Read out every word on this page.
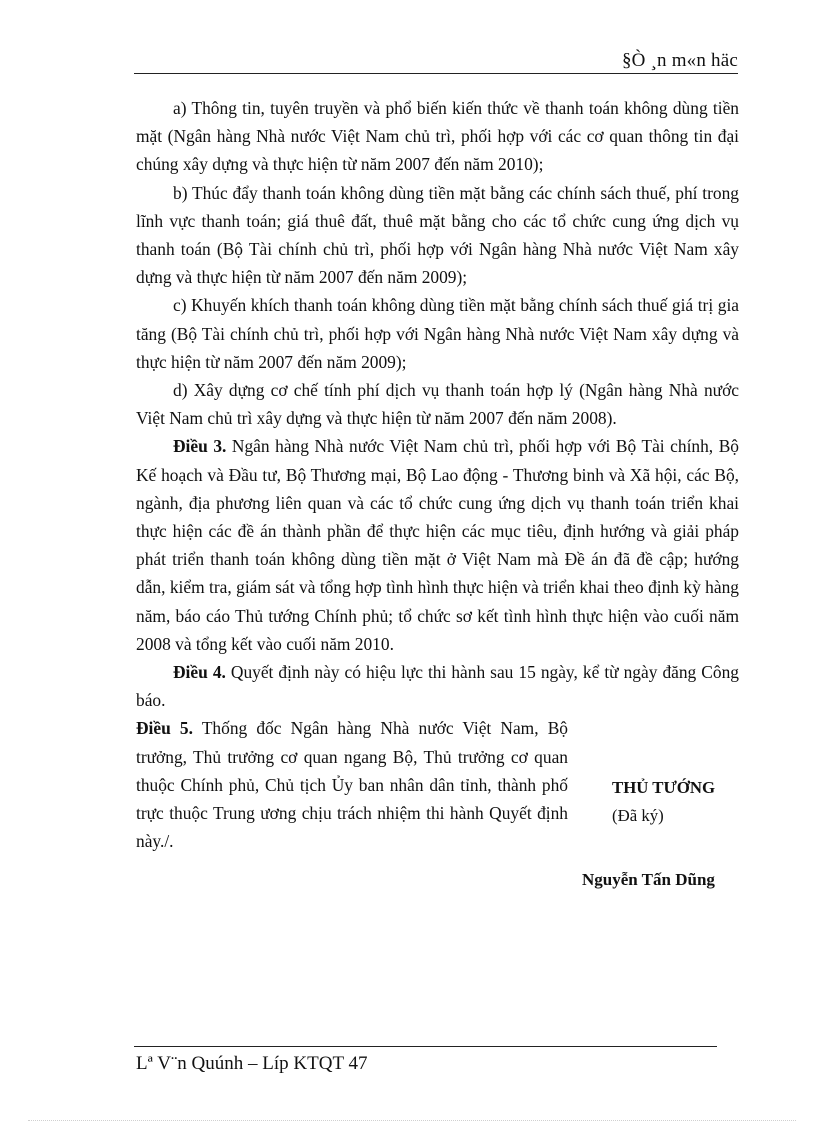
§Ò ¸n m«n häc

a) Thông tin, tuyên truyền và phổ biến kiến thức về thanh toán không dùng tiền mặt (Ngân hàng Nhà nước Việt Nam chủ trì, phối hợp với các cơ quan thông tin đại chúng xây dựng và thực hiện từ năm 2007 đến năm 2010);

b) Thúc đẩy thanh toán không dùng tiền mặt bằng các chính sách thuế, phí trong lĩnh vực thanh toán; giá thuê đất, thuê mặt bằng cho các tổ chức cung ứng dịch vụ thanh toán (Bộ Tài chính chủ trì, phối hợp với Ngân hàng Nhà nước Việt Nam xây dựng và thực hiện từ năm 2007 đến năm 2009);

c) Khuyến khích thanh toán không dùng tiền mặt bằng chính sách thuế giá trị gia tăng (Bộ Tài chính chủ trì, phối hợp với Ngân hàng Nhà nước Việt Nam xây dựng và thực hiện từ năm 2007 đến năm 2009);

d) Xây dựng cơ chế tính phí dịch vụ thanh toán hợp lý (Ngân hàng Nhà nước Việt Nam chủ trì xây dựng và thực hiện từ năm 2007 đến năm 2008).

Điều 3. Ngân hàng Nhà nước Việt Nam chủ trì, phối hợp với Bộ Tài chính, Bộ Kế hoạch và Đầu tư, Bộ Thương mại, Bộ Lao động - Thương binh và Xã hội, các Bộ, ngành, địa phương liên quan và các tổ chức cung ứng dịch vụ thanh toán triển khai thực hiện các đề án thành phần để thực hiện các mục tiêu, định hướng và giải pháp phát triển thanh toán không dùng tiền mặt ở Việt Nam mà Đề án đã đề cập; hướng dẫn, kiểm tra, giám sát và tổng hợp tình hình thực hiện và triển khai theo định kỳ hàng năm, báo cáo Thủ tướng Chính phủ; tổ chức sơ kết tình hình thực hiện vào cuối năm 2008 và tổng kết vào cuối năm 2010.

Điều 4. Quyết định này có hiệu lực thi hành sau 15 ngày, kể từ ngày đăng Công báo.

Điều 5. Thống đốc Ngân hàng Nhà nước Việt Nam, Bộ trưởng, Thủ trưởng cơ quan ngang Bộ, Thủ trưởng cơ quan thuộc Chính phủ, Chủ tịch Ủy ban nhân dân tỉnh, thành phố trực thuộc Trung ương chịu trách nhiệm thi hành Quyết định này./.

THỦ TƯỚNG
(Đã ký)
Nguyễn Tấn Dũng
Lª V¨n Quúnh – Líp KTQT 47
